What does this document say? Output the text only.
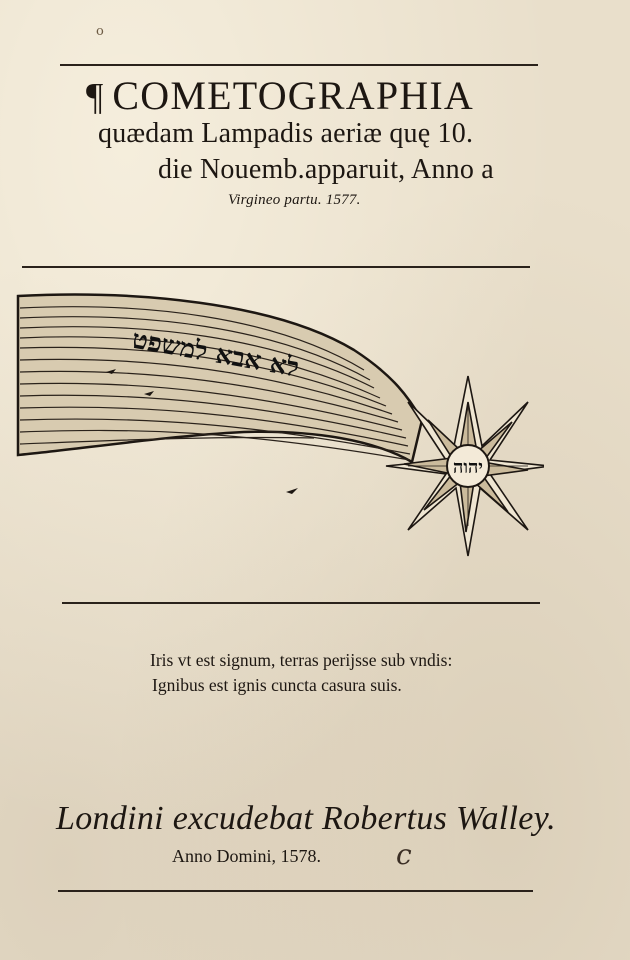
o
¶ COMETOGRAPHIA
quædam Lampadis aeriæ quę 10.
die Nouemb.apparuit, Anno a
Virgineo partu. 1577.
לא אבא למשפט
יהוה
Iris vt est signum, terras perijsse sub vndis:
Ignibus est ignis cuncta casura suis.
Londini excudebat Robertus Walley.
Anno Domini, 1578.	c
